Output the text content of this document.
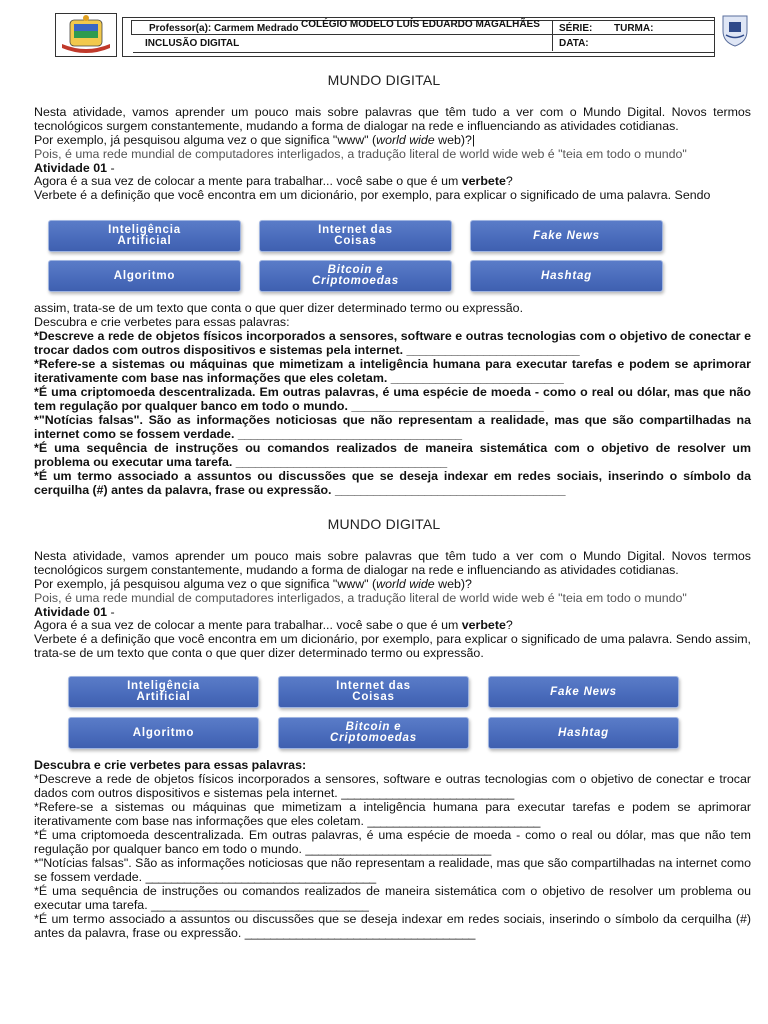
Professor(a): Carmem Medrado COLÉGIO MODELO LUÍS EDUARDO MAGALHÃES SÉRIE: TURMA:
INCLUSÃO DIGITAL	DATA:
MUNDO DIGITAL
Nesta atividade, vamos aprender um pouco mais sobre palavras que têm tudo a ver com o Mundo Digital. Novos termos tecnológicos surgem constantemente, mudando a forma de dialogar na rede e influenciando as atividades cotidianas.
Por exemplo, já pesquisou alguma vez o que significa "www" (world wide web)?|
Pois, é uma rede mundial de computadores interligados, a tradução literal de world wide web é "teia em todo o mundo"
Atividade 01 -
Agora é a sua vez de colocar a mente para trabalhar... você sabe o que é um verbete?
Verbete é a definição que você encontra em um dicionário, por exemplo, para explicar o significado de uma palavra. Sendo
Inteligência
Artificial
Internet das
Coisas	Fake News
Algoritmo	Bitcoin e
Criptomoedas	Hashtag
assim, trata-se de um texto que conta o que quer dizer determinado termo ou expressão.
Descubra e crie verbetes para essas palavras:
*Descreve a rede de objetos físicos incorporados a sensores, software e outras tecnologias com o objetivo de conectar e trocar dados com outros dispositivos e sistemas pela internet. ___________________________
*Refere-se a sistemas ou máquinas que mimetizam a inteligência humana para executar tarefas e podem se aprimorar iterativamente com base nas informações que eles coletam. ___________________________
*É uma criptomoeda descentralizada. Em outras palavras, é uma espécie de moeda - como o real ou dólar, mas que não tem regulação por qualquer banco em todo o mundo. ______________________________
*"Notícias falsas". São as informações noticiosas que não representam a realidade, mas que são compartilhadas na internet como se fossem verdade. ___________________________________
*É uma sequência de instruções ou comandos realizados de maneira sistemática com o objetivo de resolver um problema ou executar uma tarefa. _________________________________
*É um termo associado a assuntos ou discussões que se deseja indexar em redes sociais, inserindo o símbolo da cerquilha (#) antes da palavra, frase ou expressão. ____________________________________
MUNDO DIGITAL
Nesta atividade, vamos aprender um pouco mais sobre palavras que têm tudo a ver com o Mundo Digital. Novos termos tecnológicos surgem constantemente, mudando a forma de dialogar na rede e influenciando as atividades cotidianas.
Por exemplo, já pesquisou alguma vez o que significa "www" (world wide web)?
Pois, é uma rede mundial de computadores interligados, a tradução literal de world wide web é "teia em todo o mundo"
Atividade 01 -
Agora é a sua vez de colocar a mente para trabalhar... você sabe o que é um verbete?
Verbete é a definição que você encontra em um dicionário, por exemplo, para explicar o significado de uma palavra. Sendo assim, trata-se de um texto que conta o que quer dizer determinado termo ou expressão.
Inteligência
Artificial
Internet das
Coisas	Fake News
Algoritmo	Bitcoin e
Criptomoedas	Hashtag
Descubra e crie verbetes para essas palavras:
*Descreve a rede de objetos físicos incorporados a sensores, software e outras tecnologias com o objetivo de conectar e trocar dados com outros dispositivos e sistemas pela internet. ___________________________
*Refere-se a sistemas ou máquinas que mimetizam a inteligência humana para executar tarefas e podem se aprimorar iterativamente com base nas informações que eles coletam. ___________________________
*É uma criptomoeda descentralizada. Em outras palavras, é uma espécie de moeda - como o real ou dólar, mas que não tem regulação por qualquer banco em todo o mundo. _____________________________
*"Notícias falsas". São as informações noticiosas que não representam a realidade, mas que são compartilhadas na internet como se fossem verdade. ____________________________________
*É uma sequência de instruções ou comandos realizados de maneira sistemática com o objetivo de resolver um problema ou executar uma tarefa. __________________________________
*É um termo associado a assuntos ou discussões que se deseja indexar em redes sociais, inserindo o símbolo da cerquilha (#) antes da palavra, frase ou expressão. ____________________________________
